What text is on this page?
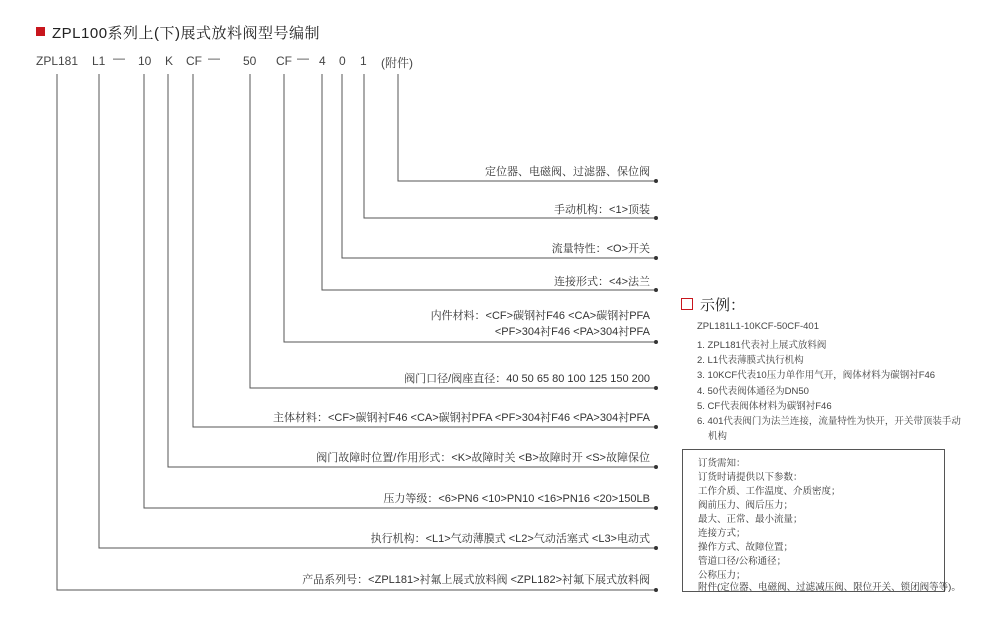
ZPL100系列上(下)展式放料阀型号编制
ZPL181 L1 — 10 K CF — 50 CF — 4 0 1 (附件)
定位器、电磁阀、过滤器、保位阀
手动机构：<1>顶装
流量特性：<O>开关
连接形式：<4>法兰
内件材料：<CF>碳钢衬F46 <CA>碳钢衬PFA
<PF>304衬F46 <PA>304衬PFA
阀门口径/阀座直径：40 50 65 80 100 125 150 200
主体材料：<CF>碳钢衬F46 <CA>碳钢衬PFA <PF>304衬F46 <PA>304衬PFA
阀门故障时位置/作用形式：<K>故障时关 <B>故障时开 <S>故障保位
压力等级：<6>PN6 <10>PN10 <16>PN16 <20>150LB
执行机构：<L1>气动薄膜式 <L2>气动活塞式 <L3>电动式
产品系列号：<ZPL181>衬氟上展式放料阀 <ZPL182>衬氟下展式放料阀
示例：
ZPL181L1-10KCF-50CF-401
1. ZPL181代表衬上展式放料阀
2. L1代表薄膜式执行机构
3. 10KCF代表10压力单作用气开，阀体材料为碳钢衬F46
4. 50代表阀体通径为DN50
5. CF代表阀体材料为碳钢衬F46
6. 401代表阀门为法兰连接，流量特性为快开，开关带顶装手动
机构
订货需知：
订货时请提供以下参数：
工作介质、工作温度、介质密度；
阀前压力、阀后压力；
最大、正常、最小流量；
连接方式；
操作方式、故障位置；
管道口径/公称通径；
公称压力；
附件(定位器、电磁阀、过滤减压阀、限位开关、锁闭阀等等)。
